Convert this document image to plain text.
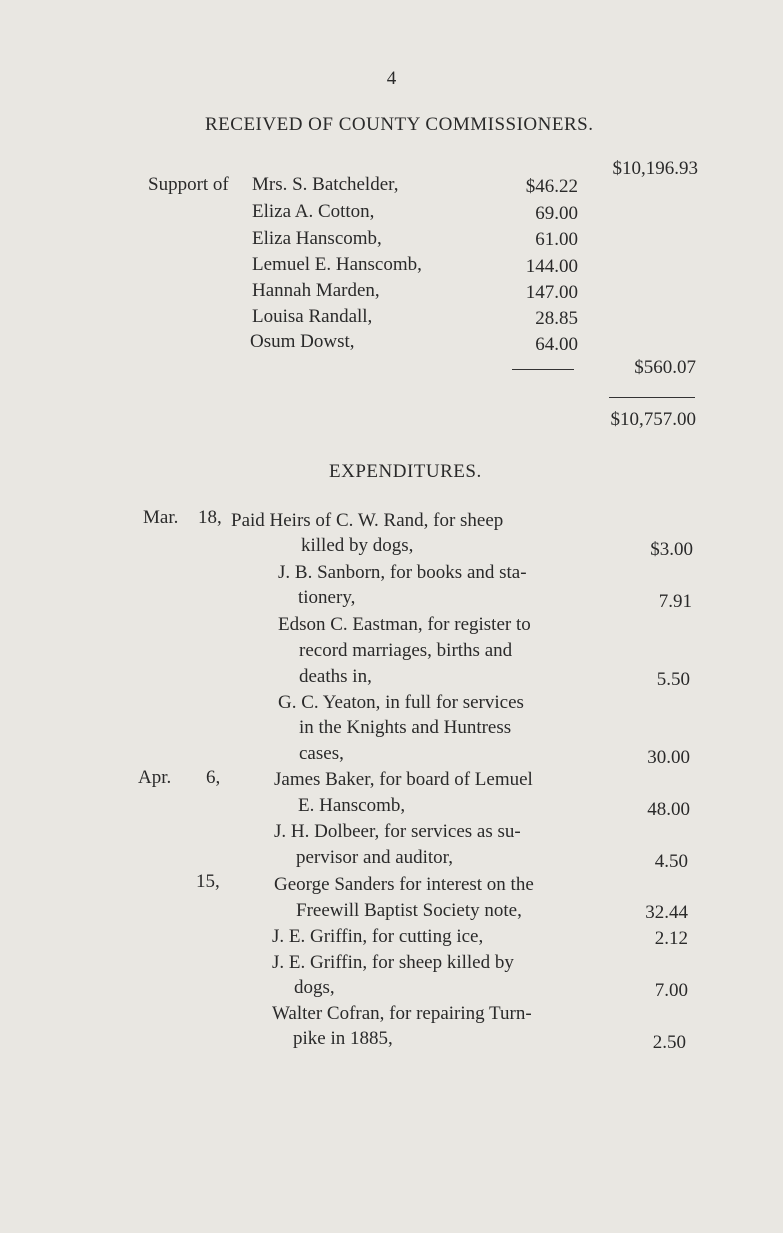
4
RECEIVED OF COUNTY COMMISSIONERS.
$10,196.93
Support of Mrs. S. Batchelder,	$46.22
Eliza A. Cotton,	69.00
Eliza Hanscomb,	61.00
Lemuel E. Hanscomb,	144.00
Hannah Marden,	147.00
Louisa Randall,	28.85
Osum Dowst,	64.00
$560.07
$10,757.00
EXPENDITURES.
Mar. 18, Paid Heirs of C. W. Rand, for sheep
killed by dogs,	$3.00
J. B. Sanborn, for books and sta-
tionery,	7.91
Edson C. Eastman, for register to
record marriages, births and
deaths in,	5.50
G. C. Yeaton, in full for services
in the Knights and Huntress
cases,	30.00
Apr. 6,	James Baker, for board of Lemuel
E. Hanscomb,	48.00
J. H. Dolbeer, for services as su-
pervisor and auditor,	4.50
15,	George Sanders for interest on the
Freewill Baptist Society note,	32.44
J. E. Griffin, for cutting ice,	2.12
J. E. Griffin, for sheep killed by
dogs,	7.00
Walter Cofran, for repairing Turn-
pike in 1885,	2.50
